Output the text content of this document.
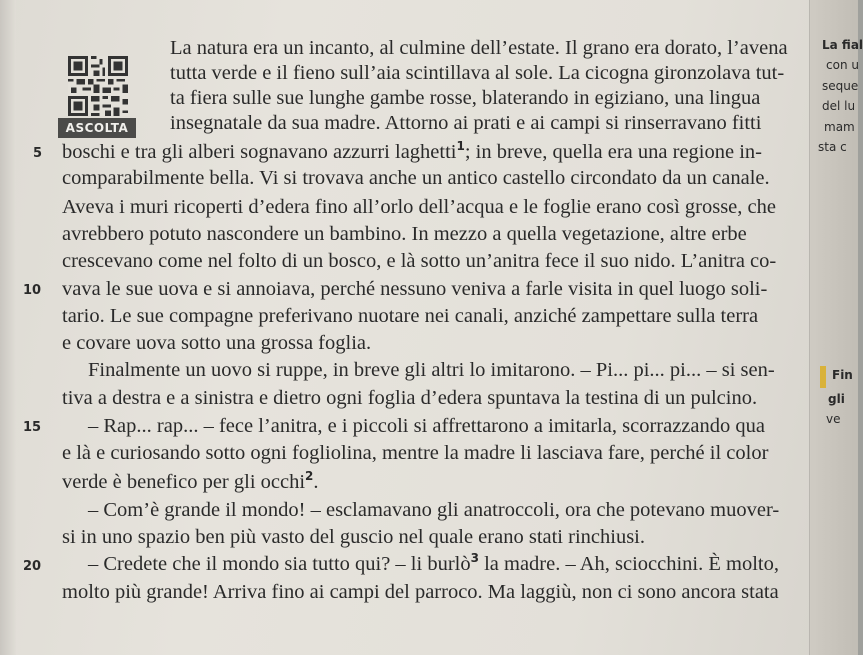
ASCOLTA
La natura era un incanto, al culmine dell’estate. Il grano era dorato, l’avena
tutta verde e il fieno sull’aia scintillava al sole. La cicogna gironzolava tut-
ta fiera sulle sue lunghe gambe rosse, blaterando in egiziano, una lingua
insegnatale da sua madre. Attorno ai prati e ai campi si rinserravano fitti
5 boschi e tra gli alberi sognavano azzurri laghetti$^1$; in breve, quella era una regione in-
comparabilmente bella. Vi si trovava anche un antico castello circondato da un canale.
Aveva i muri ricoperti d’edera fino all’orlo dell’acqua e le foglie erano così grosse, che
avrebbero potuto nascondere un bambino. In mezzo a quella vegetazione, altre erbe
crescevano come nel folto di un bosco, e là sotto un’anitra fece il suo nido. L’anitra co-
10 vava le sue uova e si annoiava, perché nessuno veniva a farle visita in quel luogo soli-
tario. Le sue compagne preferivano nuotare nei canali, anziché zampettare sulla terra
e covare uova sotto una grossa foglia.
Finalmente un uovo si ruppe, in breve gli altri lo imitarono. – Pi... pi... pi... – si sen-
tiva a destra e a sinistra e dietro ogni foglia d’edera spuntava la testina di un pulcino.
15 – Rap... rap... – fece l’anitra, e i piccoli si affrettarono a imitarla, scorrazzando qua
e là e curiosando sotto ogni fogliolina, mentre la madre li lasciava fare, perché il color
verde è benefico per gli occhi$^2$.
– Com’è grande il mondo! – esclamavano gli anatroccoli, ora che potevano muover-
si in uno spazio ben più vasto del guscio nel quale erano stati rinchiusi.
20 – Credete che il mondo sia tutto qui? – li burlò$^3$ la madre. – Ah, sciocchini. È molto,
molto più grande! Arriva fino ai campi del parroco. Ma laggiù, non ci sono ancora stata
La fial
con u
seque
del lu
mam
sta c
Fin
gli
ve
